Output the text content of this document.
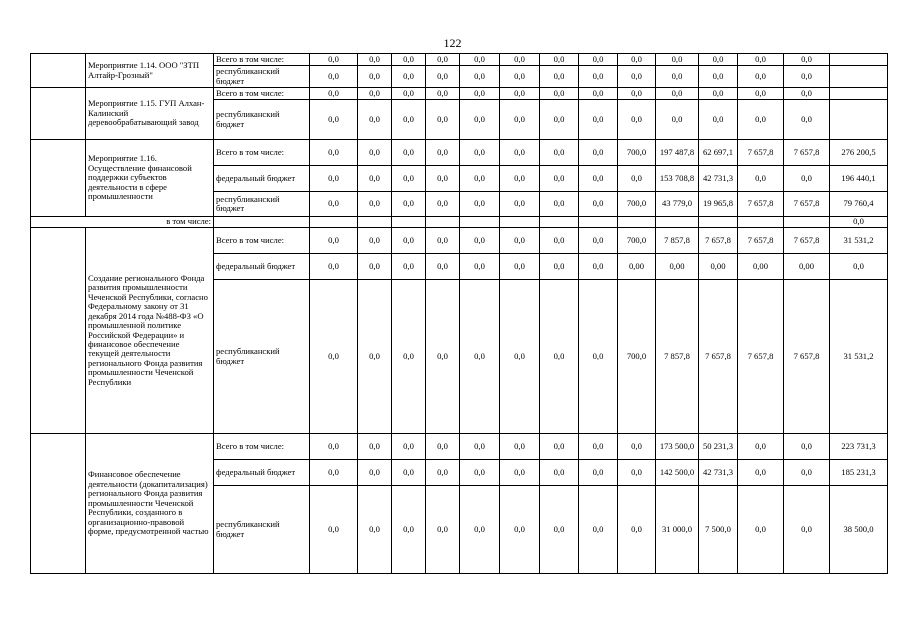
122
	Мероприятие 1.14. ООО "ЗТП Алтайр-Грозный"	Всего в том числе:	0,0	0,0	0,0	0,0	0,0	0,0	0,0	0,0	0,0	0,0	0,0	0,0	0,0	
		республиканский бюджет	0,0	0,0	0,0	0,0	0,0	0,0	0,0	0,0	0,0	0,0	0,0	0,0	0,0	
	Мероприятие 1.15. ГУП Алхан-Калинский деревообрабатывающий завод	Всего в том числе:	0,0	0,0	0,0	0,0	0,0	0,0	0,0	0,0	0,0	0,0	0,0	0,0	0,0	
		республиканский бюджет	0,0	0,0	0,0	0,0	0,0	0,0	0,0	0,0	0,0	0,0	0,0	0,0	0,0	
	Мероприятие 1.16. Осуществление финансовой поддержки субъектов деятельности в сфере промышленности	Всего в том числе:	0,0	0,0	0,0	0,0	0,0	0,0	0,0	0,0	700,0	197 487,8	62 697,1	7 657,8	7 657,8	276 200,5
		федеральный бюджет	0,0	0,0	0,0	0,0	0,0	0,0	0,0	0,0	0,0	153 708,8	42 731,3	0,0	0,0	196 440,1
		республиканский бюджет	0,0	0,0	0,0	0,0	0,0	0,0	0,0	0,0	700,0	43 779,0	19 965,8	7 657,8	7 657,8	79 760,4
в том числе:																0,0
	Создание регионального Фонда развития промышленности Чеченской Республики, согласно Федеральному закону от 31 декабря 2014 года №488-ФЗ «О промышленной политике Российской Федерации» и финансовое обеспечение текущей деятельности регионального Фонда развития промышленности Чеченской Республики	Всего в том числе:	0,0	0,0	0,0	0,0	0,0	0,0	0,0	0,0	700,0	7 857,8	7 657,8	7 657,8	7 657,8	31 531,2
		федеральный бюджет	0,0	0,0	0,0	0,0	0,0	0,0	0,0	0,0	0,00	0,00	0,00	0,00	0,00	0,0
		республиканский бюджет	0,0	0,0	0,0	0,0	0,0	0,0	0,0	0,0	700,0	7 857,8	7 657,8	7 657,8	7 657,8	31 531,2
	Финансовое обеспечение деятельности (докапитализация) регионального Фонда развития промышленности Чеченской Республики, созданного в организационно-правовой форме, предусмотренной частью	Всего в том числе:	0,0	0,0	0,0	0,0	0,0	0,0	0,0	0,0	0,0	173 500,0	50 231,3	0,0	0,0	223 731,3
		федеральный бюджет	0,0	0,0	0,0	0,0	0,0	0,0	0,0	0,0	0,0	142 500,0	42 731,3	0,0	0,0	185 231,3
		республиканский бюджет	0,0	0,0	0,0	0,0	0,0	0,0	0,0	0,0	0,0	31 000,0	7 500,0	0,0	0,0	38 500,0
